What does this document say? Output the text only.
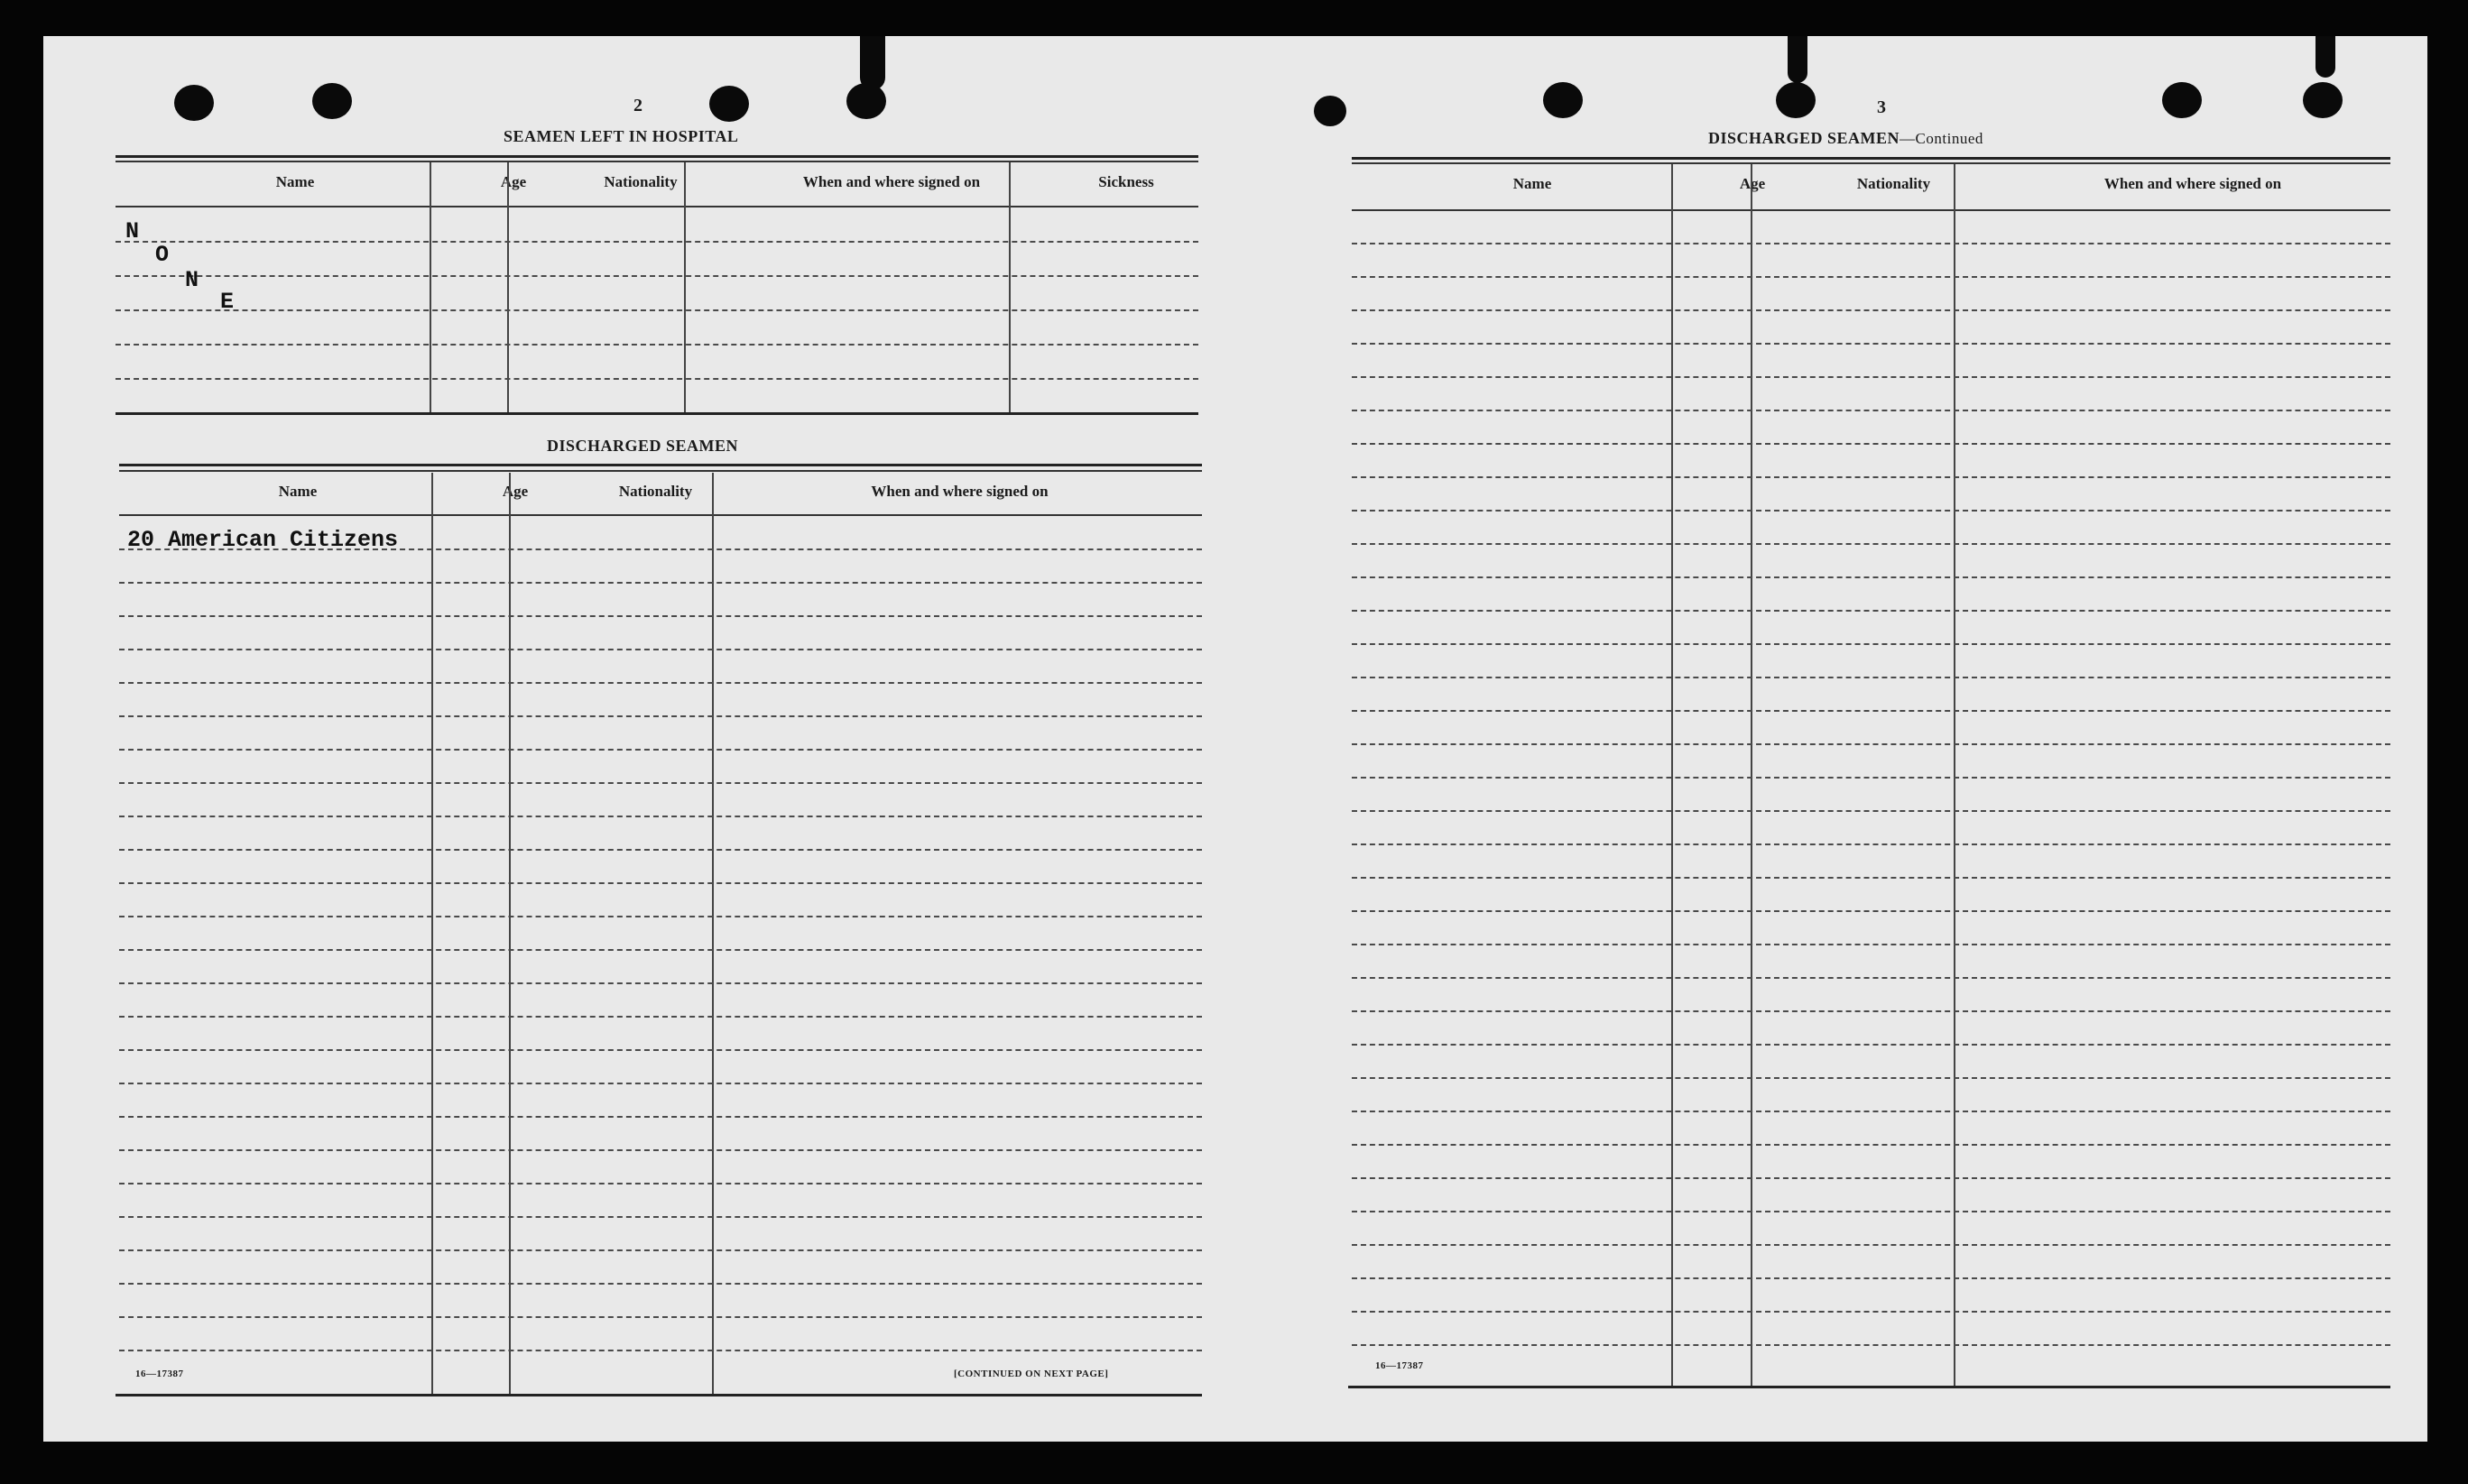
2
SEAMEN LEFT IN HOSPITAL
Name	Age	Nationality	When and where signed on	Sickness
N
O
N
E
DISCHARGED SEAMEN
Name	Age	Nationality	When and where signed on
20 American Citizens
16—17387	[CONTINUED ON NEXT PAGE]
3
DISCHARGED SEAMEN—Continued
Name	Age	Nationality	When and where signed on
16—17387
